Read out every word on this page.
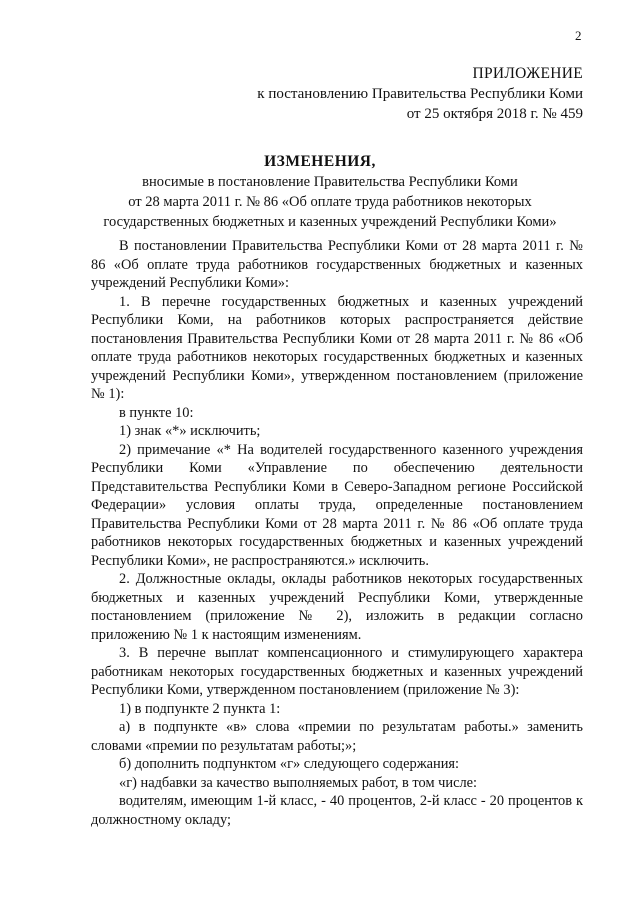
2
ПРИЛОЖЕНИЕ
к постановлению Правительства Республики Коми
от 25 октября 2018 г. № 459
ИЗМЕНЕНИЯ,
вносимые в постановление Правительства Республики Коми
от 28 марта 2011 г. № 86 «Об оплате труда работников некоторых
государственных бюджетных и казенных учреждений Республики Коми»

В постановлении Правительства Республики Коми от 28 марта 2011 г. № 86 «Об оплате труда работников государственных бюджетных и казенных учреждений Республики Коми»:

1. В перечне государственных бюджетных и казенных учреждений Республики Коми, на работников которых распространяется действие постановления Правительства Республики Коми от 28 марта 2011 г. № 86 «Об оплате труда работников некоторых государственных бюджетных и казенных учреждений Республики Коми», утвержденном постановлением (приложение № 1):

в пункте 10:

1) знак «*» исключить;

2) примечание «* На водителей государственного казенного учреждения Республики Коми «Управление по обеспечению деятельности Представительства Республики Коми в Северо-Западном регионе Российской Федерации» условия оплаты труда, определенные постановлением Правительства Республики Коми от 28 марта 2011 г. № 86 «Об оплате труда работников некоторых государственных бюджетных и казенных учреждений Республики Коми», не распространяются.» исключить.

2. Должностные оклады, оклады работников некоторых государственных бюджетных и казенных учреждений Республики Коми, утвержденные постановлением (приложение № 2), изложить в редакции согласно приложению № 1 к настоящим изменениям.

3. В перечне выплат компенсационного и стимулирующего характера работникам некоторых государственных бюджетных и казенных учреждений Республики Коми, утвержденном постановлением (приложение № 3):

1) в подпункте 2 пункта 1:

а) в подпункте «в» слова «премии по результатам работы.» заменить словами «премии по результатам работы;»;

б) дополнить подпунктом «г» следующего содержания:

«г) надбавки за качество выполняемых работ, в том числе:

водителям, имеющим 1-й класс, - 40 процентов, 2-й класс - 20 процентов к должностному окладу;
